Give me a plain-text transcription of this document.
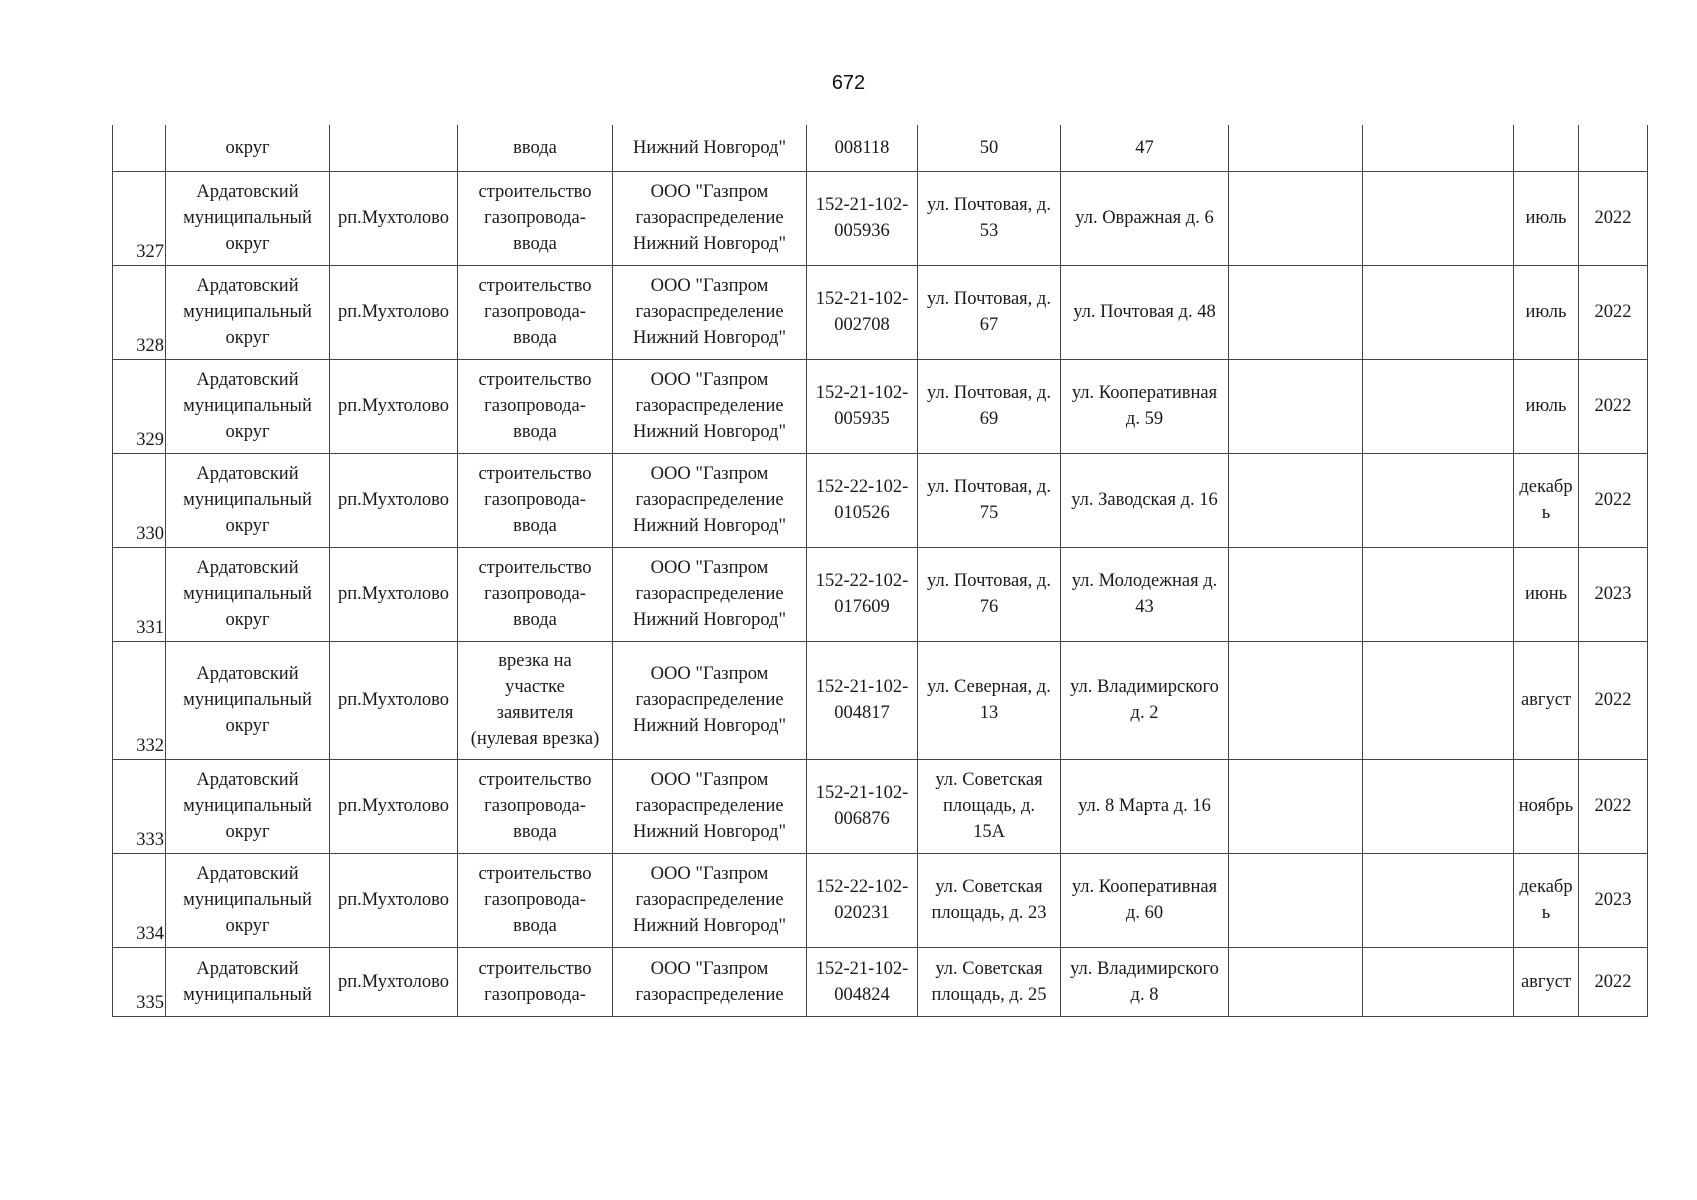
672

	округ		ввода	Нижний Новгород"	008118	50	47				

327	Ардатовский
муниципальный
округ	рп.Мухтолово	строительство
газопровода-
ввода	ООО "Газпром
газораспределение
Нижний Новгород"	152-21-102-
005936	ул. Почтовая, д.
53	ул. Овражная д. 6			июль	2022

328	Ардатовский
муниципальный
округ	рп.Мухтолово	строительство
газопровода-
ввода	ООО "Газпром
газораспределение
Нижний Новгород"	152-21-102-
002708	ул. Почтовая, д.
67	ул. Почтовая д. 48			июль	2022

329	Ардатовский
муниципальный
округ	рп.Мухтолово	строительство
газопровода-
ввода	ООО "Газпром
газораспределение
Нижний Новгород"	152-21-102-
005935	ул. Почтовая, д.
69	ул. Кооперативная
д. 59			июль	2022

330	Ардатовский
муниципальный
округ	рп.Мухтолово	строительство
газопровода-
ввода	ООО "Газпром
газораспределение
Нижний Новгород"	152-22-102-
010526	ул. Почтовая, д.
75	ул. Заводская д. 16			декабр
ь	2022

331	Ардатовский
муниципальный
округ	рп.Мухтолово	строительство
газопровода-
ввода	ООО "Газпром
газораспределение
Нижний Новгород"	152-22-102-
017609	ул. Почтовая, д.
76	ул. Молодежная д.
43			июнь	2023

332	Ардатовский
муниципальный
округ	рп.Мухтолово	врезка на
участке
заявителя
(нулевая врезка)	ООО "Газпром
газораспределение
Нижний Новгород"	152-21-102-
004817	ул. Северная, д.
13	ул. Владимирского
д. 2			август	2022

333	Ардатовский
муниципальный
округ	рп.Мухтолово	строительство
газопровода-
ввода	ООО "Газпром
газораспределение
Нижний Новгород"	152-21-102-
006876	ул. Советская
площадь, д.
15А	ул. 8 Марта д. 16			ноябрь	2022

334	Ардатовский
муниципальный
округ	рп.Мухтолово	строительство
газопровода-
ввода	ООО "Газпром
газораспределение
Нижний Новгород"	152-22-102-
020231	ул. Советская
площадь, д. 23	ул. Кооперативная
д. 60			декабр
ь	2023

335	Ардатовский
муниципальный	рп.Мухтолово	строительство
газопровода-	ООО "Газпром
газораспределение	152-21-102-
004824	ул. Советская
площадь, д. 25	ул. Владимирского
д. 8			август	2022
